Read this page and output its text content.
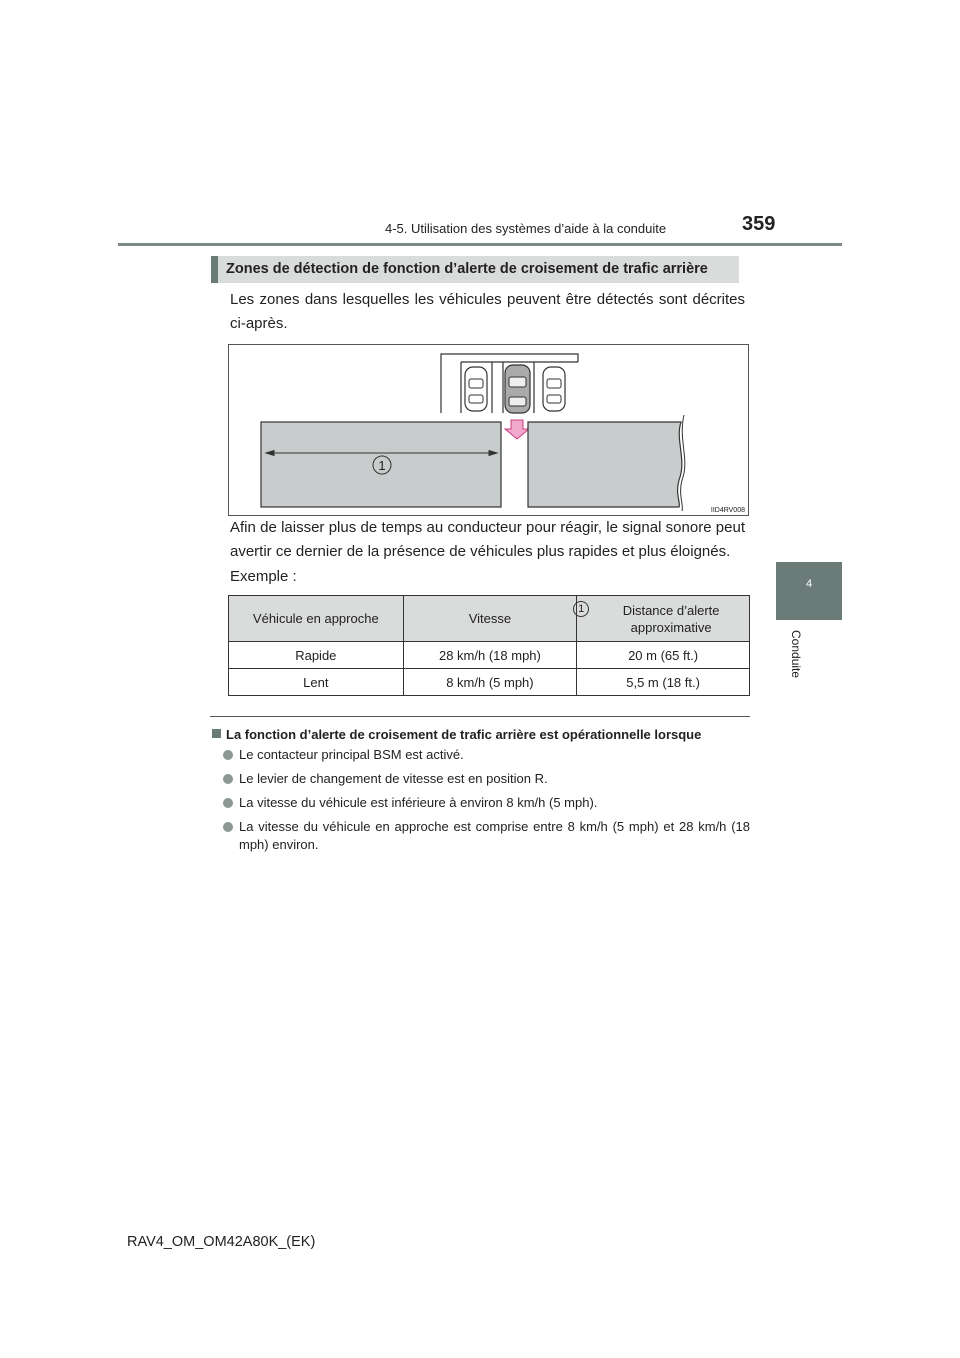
4-5. Utilisation des systèmes d’aide à la conduite	359
4
Conduite
Zones de détection de fonction d’alerte de croisement de trafic arrière
Les zones dans lesquelles les véhicules peuvent être détectés sont décrites ci-après.
1
IID4RV008
Afin de laisser plus de temps au conducteur pour réagir, le signal sonore peut avertir ce dernier de la présence de véhicules plus rapides et plus éloignés.
Exemple :
Véhicule en approche	Vitesse	1 Distance d’alerte approximative
Rapide	28 km/h (18 mph)	20 m (65 ft.)
Lent	8 km/h (5 mph)	5,5 m (18 ft.)
La fonction d’alerte de croisement de trafic arrière est opérationnelle lorsque
Le contacteur principal BSM est activé.
Le levier de changement de vitesse est en position R.
La vitesse du véhicule est inférieure à environ 8 km/h (5 mph).
La vitesse du véhicule en approche est comprise entre 8 km/h (5 mph) et 28 km/h (18 mph) environ.
RAV4_OM_OM42A80K_(EK)
